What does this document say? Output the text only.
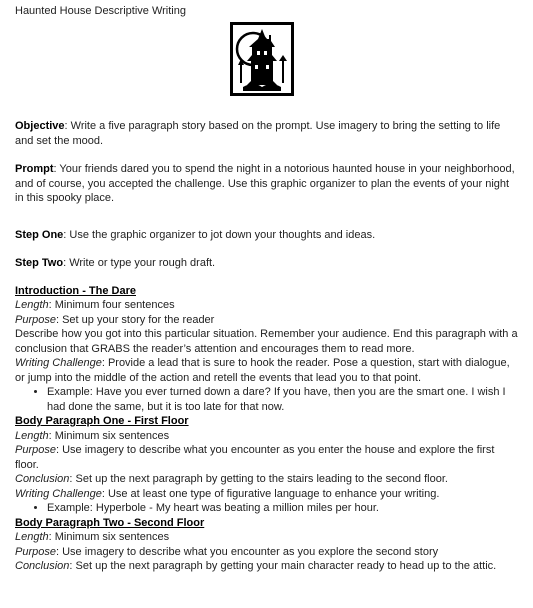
Haunted House Descriptive Writing

Objective: Write a five paragraph story based on the prompt. Use imagery to bring the setting to life and set the mood.

Prompt: Your friends dared you to spend the night in a notorious haunted house in your neighborhood, and of course, you accepted the challenge. Use this graphic organizer to plan the events of your night in this spooky place.

Step One: Use the graphic organizer to jot down your thoughts and ideas.

Step Two: Write or type your rough draft.

Introduction - The Dare

Length: Minimum four sentences

Purpose: Set up your story for the reader

Describe how you got into this particular situation. Remember your audience. End this paragraph with a conclusion that GRABS the reader’s attention and encourages them to read more.

Writing Challenge: Provide a lead that is sure to hook the reader. Pose a question, start with dialogue, or jump into the middle of the action and retell the events that lead you to that point.

• Example: Have you ever turned down a dare? If you have, then you are the smart one. I wish I had done the same, but it is too late for that now.

Body Paragraph One - First Floor

Length: Minimum six sentences

Purpose: Use imagery to describe what you encounter as you enter the house and explore the first floor.

Conclusion: Set up the next paragraph by getting to the stairs leading to the second floor.

Writing Challenge: Use at least one type of figurative language to enhance your writing.

• Example: Hyperbole - My heart was beating a million miles per hour.

Body Paragraph Two - Second Floor

Length: Minimum six sentences

Purpose: Use imagery to describe what you encounter as you explore the second story

Conclusion: Set up the next paragraph by getting your main character ready to head up to the attic.
